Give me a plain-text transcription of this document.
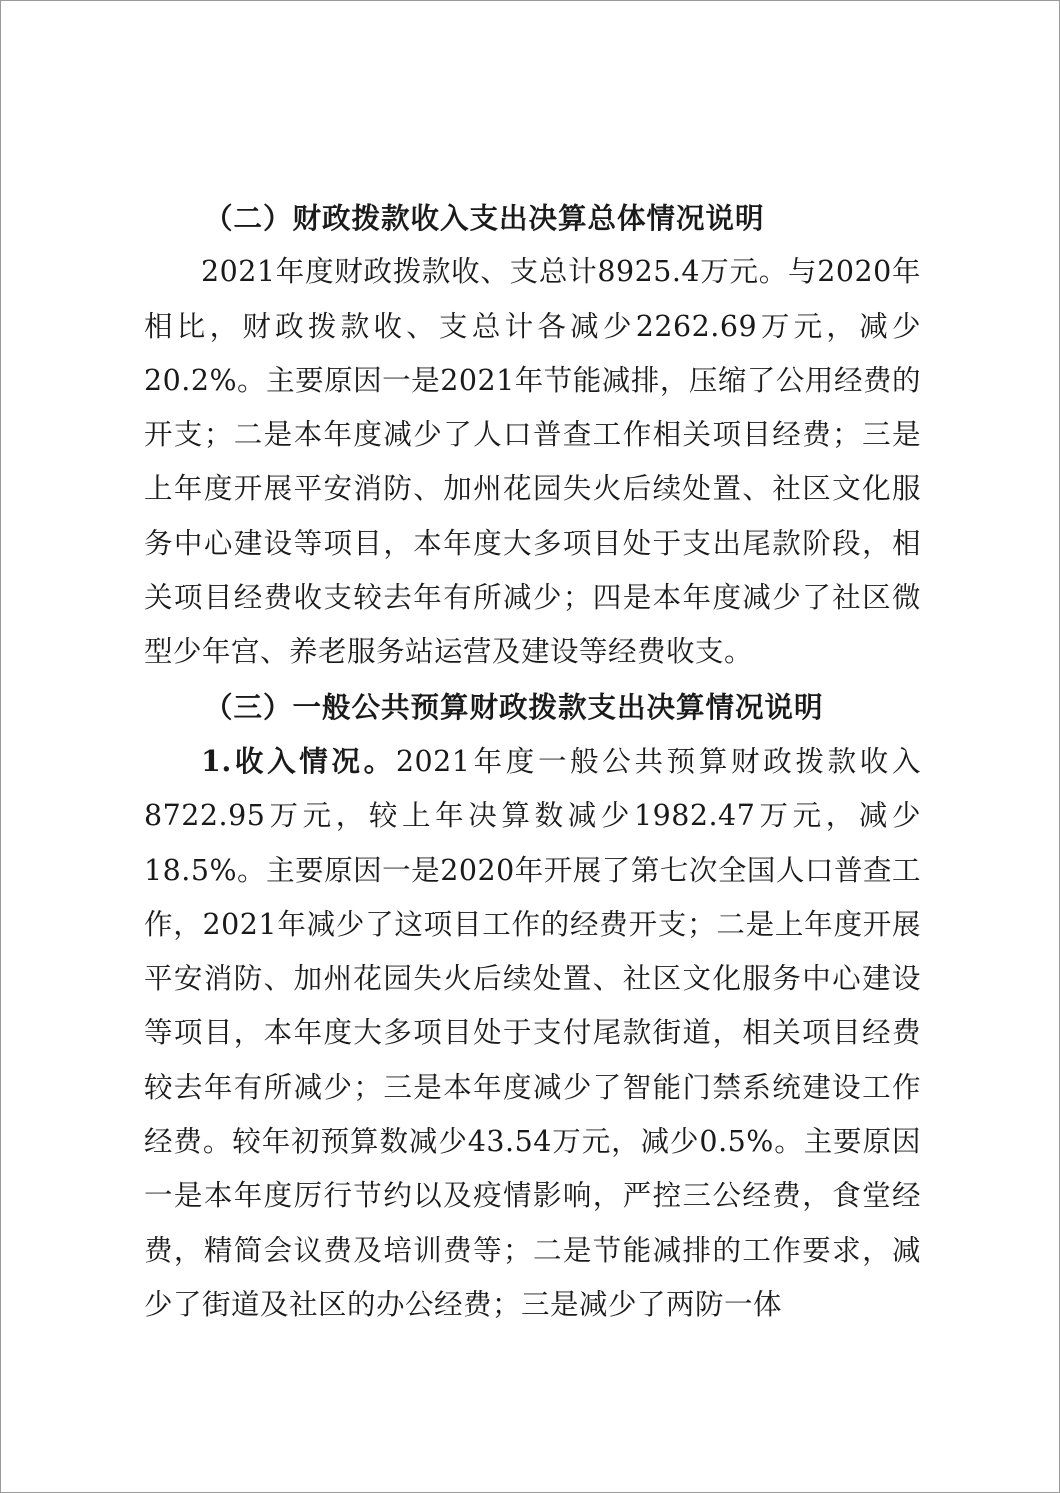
（二）财政拨款收入支出决算总体情况说明

2021年度财政拨款收、支总计8925.4万元。与2020年相比，财政拨款收、支总计各减少2262.69万元，减少20.2%。主要原因一是2021年节能减排，压缩了公用经费的开支；二是本年度减少了人口普查工作相关项目经费；三是上年度开展平安消防、加州花园失火后续处置、社区文化服务中心建设等项目，本年度大多项目处于支出尾款阶段，相关项目经费收支较去年有所减少；四是本年度减少了社区微型少年宫、养老服务站运营及建设等经费收支。

（三）一般公共预算财政拨款支出决算情况说明

1.收入情况。2021年度一般公共预算财政拨款收入8722.95万元，较上年决算数减少1982.47万元，减少18.5%。主要原因一是2020年开展了第七次全国人口普查工作，2021年减少了这项目工作的经费开支；二是上年度开展平安消防、加州花园失火后续处置、社区文化服务中心建设等项目，本年度大多项目处于支付尾款街道，相关项目经费较去年有所减少；三是本年度减少了智能门禁系统建设工作经费。较年初预算数减少43.54万元，减少0.5%。主要原因一是本年度厉行节约以及疫情影响，严控三公经费，食堂经费，精简会议费及培训费等；二是节能减排的工作要求，减少了街道及社区的办公经费；三是减少了两防一体
